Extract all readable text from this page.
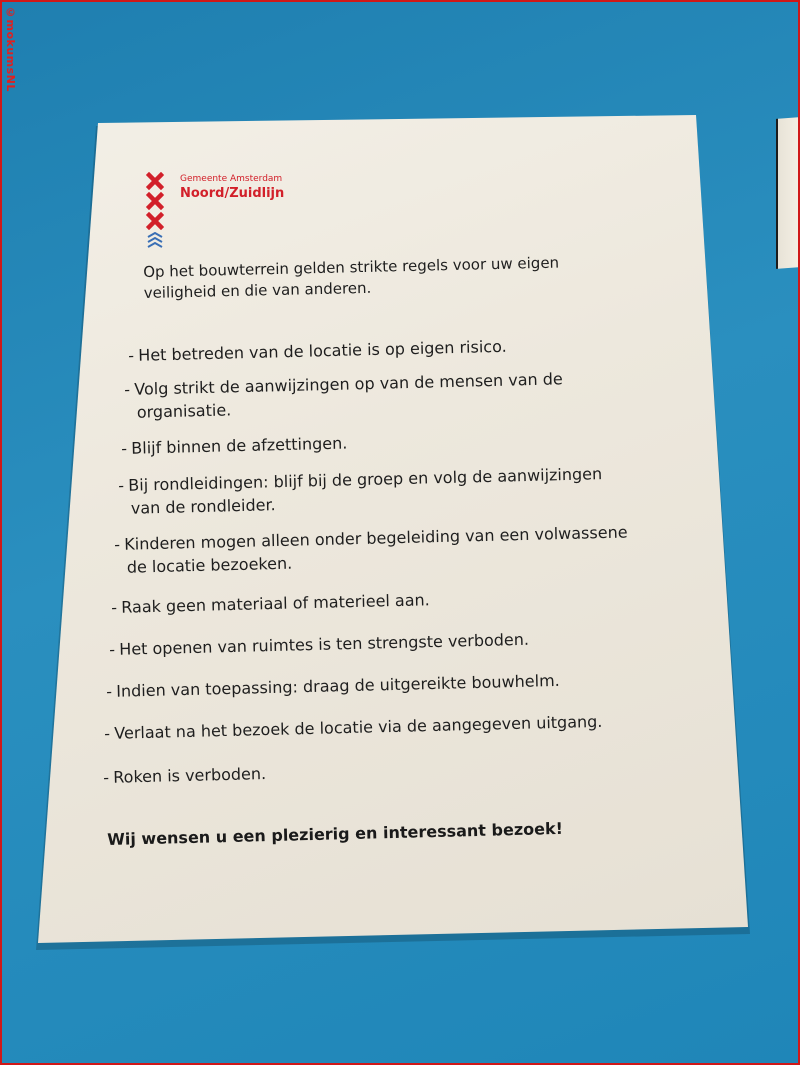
Gemeente Amsterdam
Noord/Zuidlijn
Op het bouwterrein gelden strikte regels voor uw eigen veiligheid en die van anderen.
- Het betreden van de locatie is op eigen risico.
- Volg strikt de aanwijzingen op van de mensen van de
organisatie.
- Blijf binnen de afzettingen.
- Bij rondleidingen: blijf bij de groep en volg de aanwijzingen
van de rondleider.
- Kinderen mogen alleen onder begeleiding van een volwassene
de locatie bezoeken.
- Raak geen materiaal of materieel aan.
- Het openen van ruimtes is ten strengste verboden.
- Indien van toepassing: draag de uitgereikte bouwhelm.
- Verlaat na het bezoek de locatie via de aangegeven uitgang.
- Roken is verboden.
Wij wensen u een plezierig en interessant bezoek!
©mokumsNL
